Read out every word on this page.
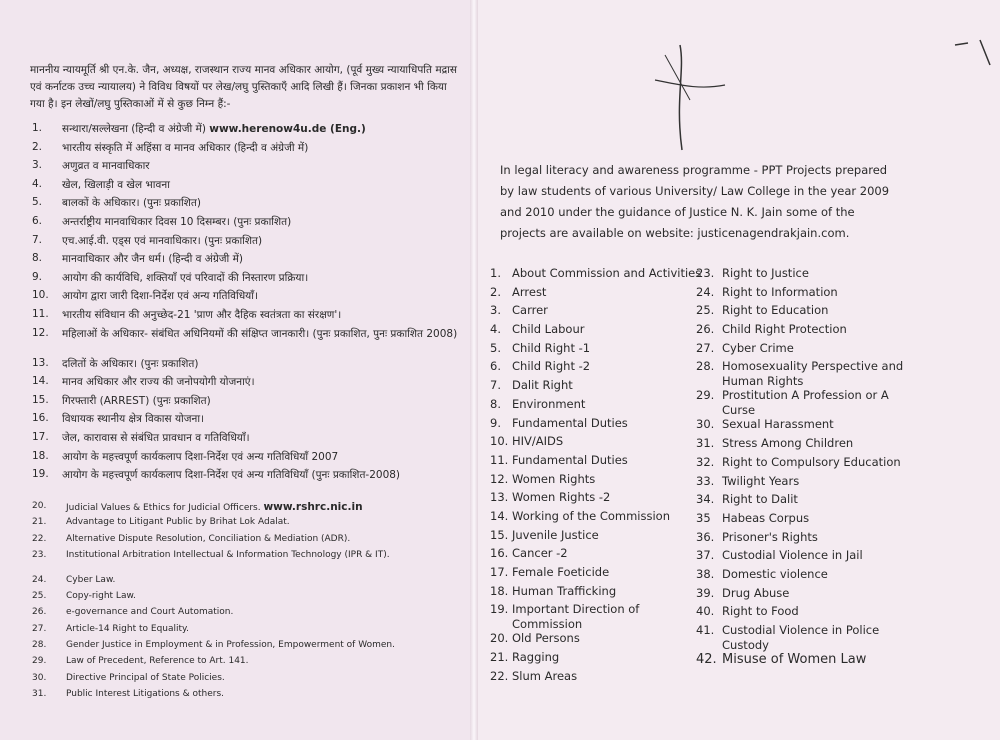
माननीय न्यायमूर्ति श्री एन.के. जैन, अध्यक्ष, राजस्थान राज्य मानव अधिकार आयोग, (पूर्व मुख्य न्यायाधिपति मद्रास एवं कर्नाटक उच्च न्यायालय) ने विविध विषयों पर लेख/लघु पुस्तिकाएँ आदि लिखी हैं। जिनका प्रकाशन भी किया गया है। इन लेखों/लघु पुस्तिकाओं में से कुछ निम्न हैं:-
1.	सन्थारा/सल्लेखना (हिन्दी व अंग्रेजी में) www.herenow4u.de (Eng.)
2.	भारतीय संस्कृति में अहिंसा व मानव अधिकार (हिन्दी व अंग्रेजी में)
3.	अणुव्रत व मानवाधिकार
4.	खेल, खिलाड़ी व खेल भावना
5.	बालकों के अधिकार। (पुनः प्रकाशित)
6.	अन्तर्राष्ट्रीय मानवाधिकार दिवस 10 दिसम्बर। (पुनः प्रकाशित)
7.	एच.आई.वी. एड्स एवं मानवाधिकार। (पुनः प्रकाशित)
8.	मानवाधिकार और जैन धर्म। (हिन्दी व अंग्रेजी में)
9.	आयोग की कार्यविधि, शक्तियाँ एवं परिवादों की निस्तारण प्रक्रिया।
10.	आयोग द्वारा जारी दिशा-निर्देश एवं अन्य गतिविधियाँ।
11.	भारतीय संविधान की अनुच्छेद-21 'प्राण और दैहिक स्वतंत्रता का संरक्षण'।
12.	महिलाओं के अधिकार- संबंधित अधिनियमों की संक्षिप्त जानकारी। (पुनः प्रकाशित, पुनः प्रकाशित 2008)
13.	दलितों के अधिकार। (पुनः प्रकाशित)
14.	मानव अधिकार और राज्य की जनोपयोगी योजनाएं।
15.	गिरफ्तारी (ARREST) (पुनः प्रकाशित)
16.	विधायक स्थानीय क्षेत्र विकास योजना।
17.	जेल, कारावास से संबंधित प्रावधान व गतिविधियाँ।
18.	आयोग के महत्त्वपूर्ण कार्यकलाप दिशा-निर्देश एवं अन्य गतिविधियाँ 2007
19.	आयोग के महत्त्वपूर्ण कार्यकलाप दिशा-निर्देश एवं अन्य गतिविधियाँ (पुनः प्रकाशित-2008)
20.	Judicial Values & Ethics for Judicial Officers. www.rshrc.nic.in
21.	Advantage to Litigant Public by Brihat Lok Adalat.
22.	Alternative Dispute Resolution, Conciliation & Mediation (ADR).
23.	Institutional Arbitration Intellectual & Information Technology (IPR & IT).
24.	Cyber Law.
25.	Copy-right Law.
26.	e-governance and Court Automation.
27.	Article-14 Right to Equality.
28.	Gender Justice in Employment & in Profession, Empowerment of Women.
29.	Law of Precedent, Reference to Art. 141.
30.	Directive Principal of State Policies.
31.	Public Interest Litigations & others.
In legal literacy and awareness programme - PPT Projects prepared by law students of various University/ Law College in the year 2009 and 2010 under the guidance of Justice N. K. Jain some of the projects are available on website: justicenagendrakjain.com.
1. About Commission and Activities
2. Arrest
3. Carrer
4. Child Labour
5. Child Right -1
6. Child Right -2
7. Dalit Right
8. Environment
9. Fundamental Duties
10. HIV/AIDS
11. Fundamental Duties
12. Women Rights
13. Women Rights -2
14. Working of the Commission
15. Juvenile Justice
16. Cancer -2
17. Female Foeticide
18. Human Trafficking
19. Important Direction of Commission
20. Old Persons
21. Ragging
22. Slum Areas
23. Right to Justice
24. Right to Information
25. Right to Education
26. Child Right Protection
27. Cyber Crime
28. Homosexuality Perspective and Human Rights
29. Prostitution A Profession or A Curse
30. Sexual Harassment
31. Stress Among Children
32. Right to Compulsory Education
33. Twilight Years
34. Right to Dalit
35 Habeas Corpus
36. Prisoner's Rights
37. Custodial Violence in Jail
38. Domestic violence
39. Drug Abuse
40. Right to Food
41. Custodial Violence in Police Custody
42. Misuse of Women Law
